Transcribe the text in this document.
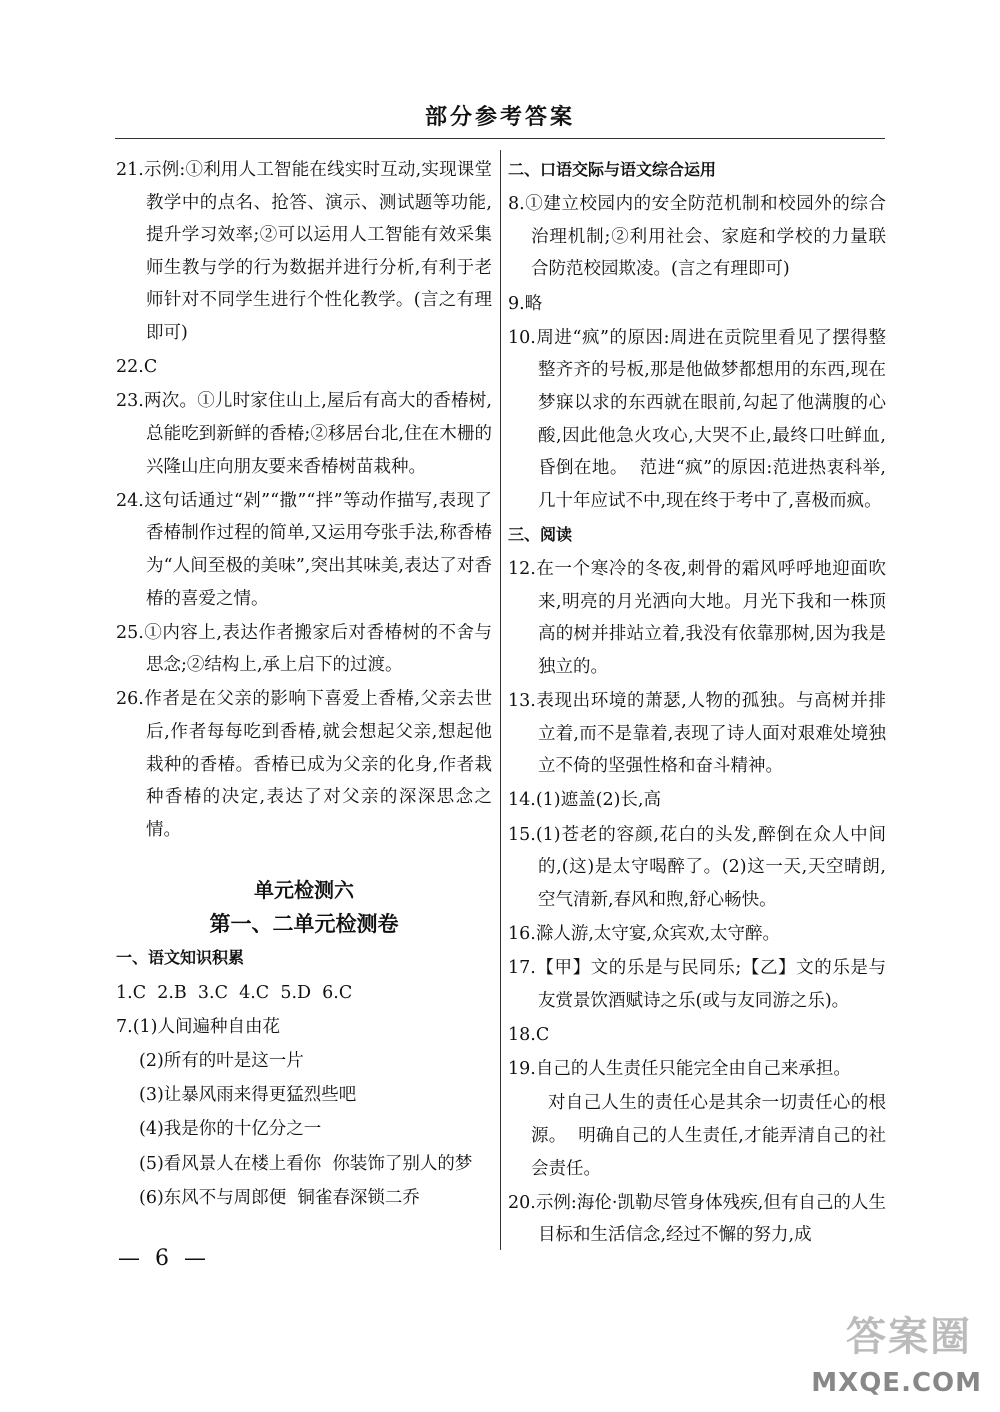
部分参考答案
21.示例:①利用人工智能在线实时互动,实现课堂教学中的点名、抢答、演示、测试题等功能,提升学习效率;②可以运用人工智能有效采集师生教与学的行为数据并进行分析,有利于老师针对不同学生进行个性化教学。(言之有理即可)
22.C
23.两次。①儿时家住山上,屋后有高大的香椿树,总能吃到新鲜的香椿;②移居台北,住在木栅的兴隆山庄向朋友要来香椿树苗栽种。
24.这句话通过“剁”“撒”“拌”等动作描写,表现了香椿制作过程的简单,又运用夸张手法,称香椿为“人间至极的美味”,突出其味美,表达了对香椿的喜爱之情。
25.①内容上,表达作者搬家后对香椿树的不舍与思念;②结构上,承上启下的过渡。
26.作者是在父亲的影响下喜爱上香椿,父亲去世后,作者每每吃到香椿,就会想起父亲,想起他栽种的香椿。香椿已成为父亲的化身,作者栽种香椿的决定,表达了对父亲的深深思念之情。
单元检测六
第一、二单元检测卷
一、语文知识积累
1.C  2.B  3.C  4.C  5.D  6.C
7.(1)人间遍种自由花
(2)所有的叶是这一片
(3)让暴风雨来得更猛烈些吧
(4)我是你的十亿分之一
(5)看风景人在楼上看你  你装饰了别人的梦
(6)东风不与周郎便  铜雀春深锁二乔
二、口语交际与语文综合运用
8.①建立校园内的安全防范机制和校园外的综合治理机制;②利用社会、家庭和学校的力量联合防范校园欺凌。(言之有理即可)
9.略
10.周进“疯”的原因:周进在贡院里看见了摆得整整齐齐的号板,那是他做梦都想用的东西,现在梦寐以求的东西就在眼前,勾起了他满腹的心酸,因此他急火攻心,大哭不止,最终口吐鲜血,昏倒在地。  范进“疯”的原因:范进热衷科举,几十年应试不中,现在终于考中了,喜极而疯。
三、阅读
12.在一个寒冷的冬夜,刺骨的霜风呼呼地迎面吹来,明亮的月光洒向大地。月光下我和一株顶高的树并排站立着,我没有依靠那树,因为我是独立的。
13.表现出环境的萧瑟,人物的孤独。与高树并排立着,而不是靠着,表现了诗人面对艰难处境独立不倚的坚强性格和奋斗精神。
14.(1)遮盖(2)长,高
15.(1)苍老的容颜,花白的头发,醉倒在众人中间的,(这)是太守喝醉了。(2)这一天,天空晴朗,空气清新,春风和煦,舒心畅快。
16.滁人游,太守宴,众宾欢,太守醉。
17.【甲】文的乐是与民同乐;【乙】文的乐是与友赏景饮酒赋诗之乐(或与友同游之乐)。
18.C
19.自己的人生责任只能完全由自己来承担。
对自己人生的责任心是其余一切责任心的根源。  明确自己的人生责任,才能弄清自己的社会责任。
20.示例:海伦·凯勒尽管身体残疾,但有自己的人生目标和生活信念,经过不懈的努力,成
— 6 —
答案圈
MXQE.COM
